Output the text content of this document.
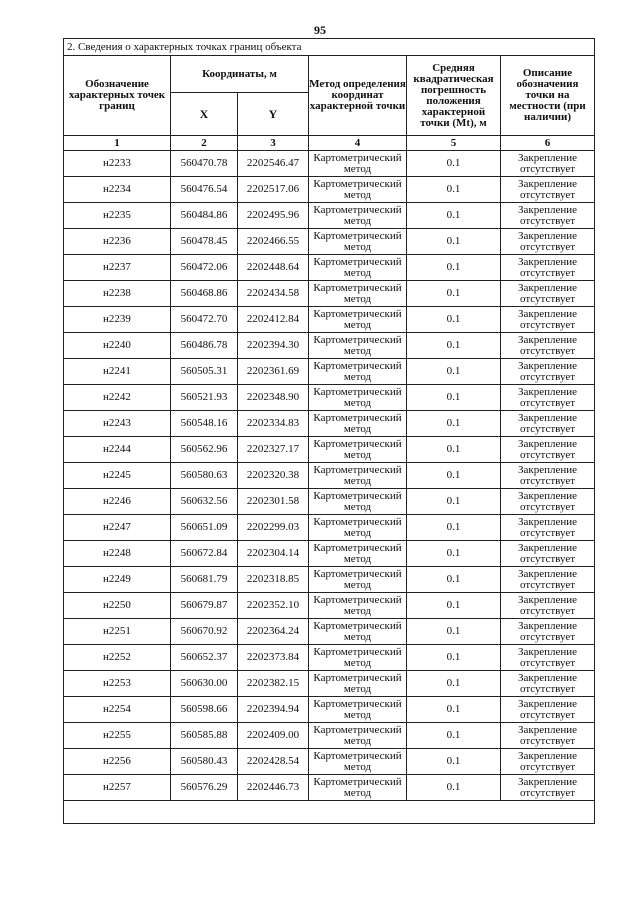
95
2. Сведения о характерных точках границ объекта					
Обозначение характерных точек границ	Координаты, м		Метод определения координат характерной точки	Средняя квадратическая погрешность положения характерной точки (Mt), м	Описание обозначения точки на местности (при наличии)
	X	Y			
1	2	3	4	5	6
н2233	560470.78	2202546.47	Картометрический метод	0.1	Закрепление отсутствует
н2234	560476.54	2202517.06	Картометрический метод	0.1	Закрепление отсутствует
н2235	560484.86	2202495.96	Картометрический метод	0.1	Закрепление отсутствует
н2236	560478.45	2202466.55	Картометрический метод	0.1	Закрепление отсутствует
н2237	560472.06	2202448.64	Картометрический метод	0.1	Закрепление отсутствует
н2238	560468.86	2202434.58	Картометрический метод	0.1	Закрепление отсутствует
н2239	560472.70	2202412.84	Картометрический метод	0.1	Закрепление отсутствует
н2240	560486.78	2202394.30	Картометрический метод	0.1	Закрепление отсутствует
н2241	560505.31	2202361.69	Картометрический метод	0.1	Закрепление отсутствует
н2242	560521.93	2202348.90	Картометрический метод	0.1	Закрепление отсутствует
н2243	560548.16	2202334.83	Картометрический метод	0.1	Закрепление отсутствует
н2244	560562.96	2202327.17	Картометрический метод	0.1	Закрепление отсутствует
н2245	560580.63	2202320.38	Картометрический метод	0.1	Закрепление отсутствует
н2246	560632.56	2202301.58	Картометрический метод	0.1	Закрепление отсутствует
н2247	560651.09	2202299.03	Картометрический метод	0.1	Закрепление отсутствует
н2248	560672.84	2202304.14	Картометрический метод	0.1	Закрепление отсутствует
н2249	560681.79	2202318.85	Картометрический метод	0.1	Закрепление отсутствует
н2250	560679.87	2202352.10	Картометрический метод	0.1	Закрепление отсутствует
н2251	560670.92	2202364.24	Картометрический метод	0.1	Закрепление отсутствует
н2252	560652.37	2202373.84	Картометрический метод	0.1	Закрепление отсутствует
н2253	560630.00	2202382.15	Картометрический метод	0.1	Закрепление отсутствует
н2254	560598.66	2202394.94	Картометрический метод	0.1	Закрепление отсутствует
н2255	560585.88	2202409.00	Картометрический метод	0.1	Закрепление отсутствует
н2256	560580.43	2202428.54	Картометрический метод	0.1	Закрепление отсутствует
н2257	560576.29	2202446.73	Картометрический метод	0.1	Закрепление отсутствует
